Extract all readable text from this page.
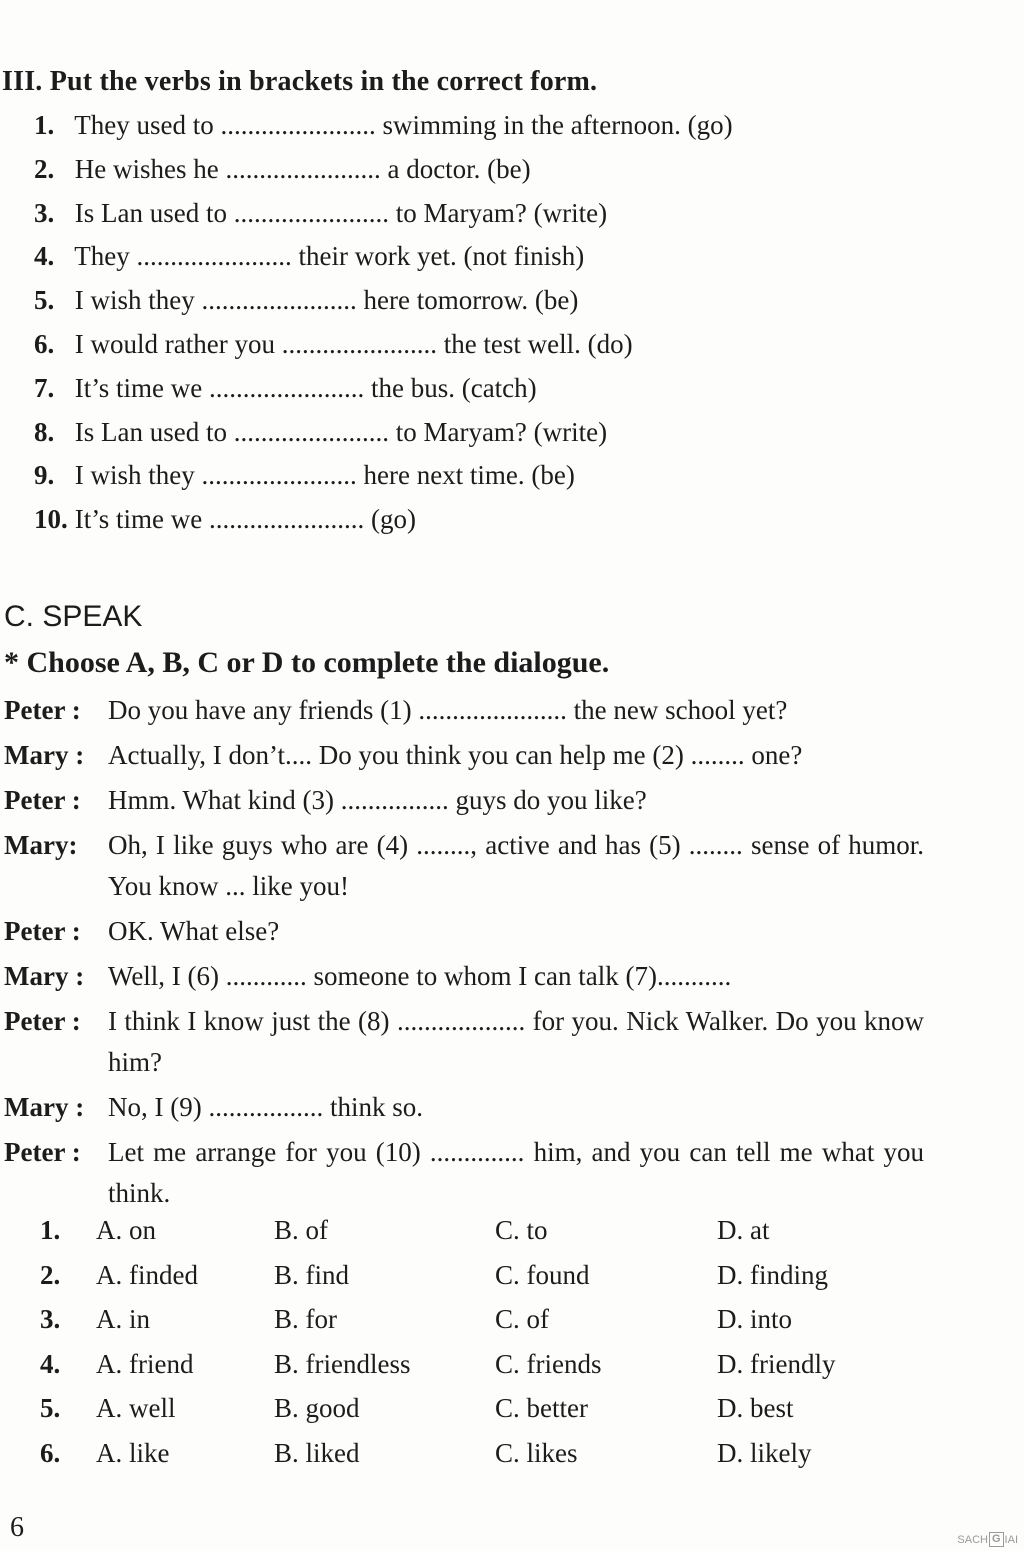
III. Put the verbs in brackets in the correct form.
1. They used to ....................... swimming in the afternoon. (go)
2. He wishes he ....................... a doctor. (be)
3. Is Lan used to ....................... to Maryam? (write)
4. They ....................... their work yet. (not finish)
5. I wish they ....................... here tomorrow. (be)
6. I would rather you ....................... the test well. (do)
7. It’s time we ....................... the bus. (catch)
8. Is Lan used to ....................... to Maryam? (write)
9. I wish they ....................... here next time. (be)
10. It’s time we ....................... (go)
C. SPEAK
* Choose A, B, C or D to complete the dialogue.
Peter :	Do you have any friends (1) ...................... the new school yet?
Mary : Actually, I don’t.... Do you think you can help me (2) ........ one?
Peter :	Hmm. What kind (3) ................ guys do you like?
Mary:	Oh, I like guys who are (4) ........, active and has (5) ........ sense of humor. You know ... like you!
Peter :	OK. What else?
Mary : Well, I (6) ............ someone to whom I can talk (7)...........
Peter :	I think I know just the (8) ................... for you. Nick Walker. Do you know him?
Mary : No, I (9) ................. think so.
Peter :	Let me arrange for you (10) .............. him, and you can tell me what you think.
1.	A. on	B. of	C. to	D. at
2.	A. finded	B. find	C. found	D. finding
3.	A. in	B. for	C. of	D. into
4.	A. friend	B. friendless	C. friends	D. friendly
5.	A. well	B. good	C. better	D. best
6.	A. like	B. liked	C. likes	D. likely
6	SACH G IAI
